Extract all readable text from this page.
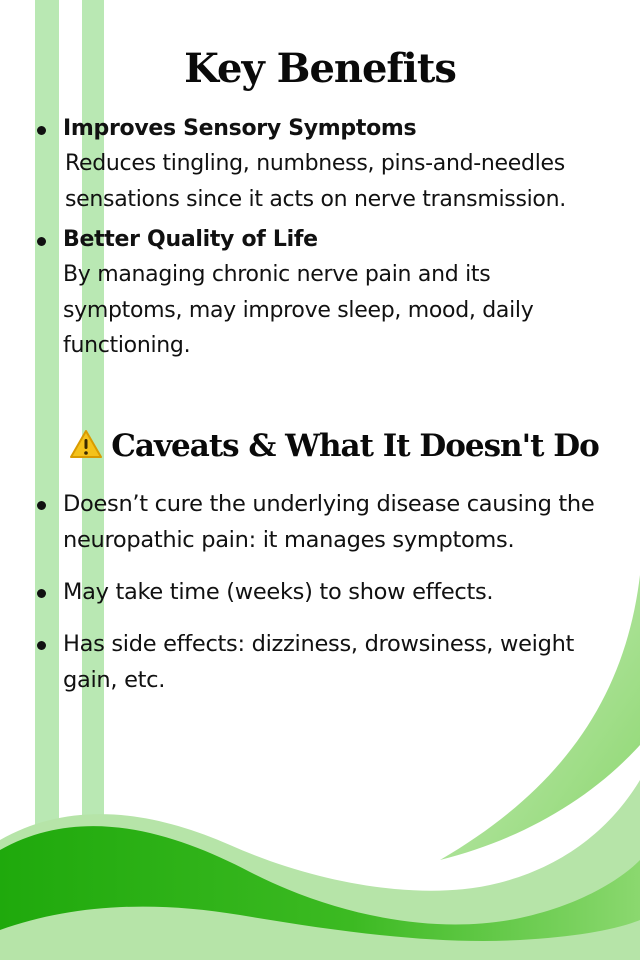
Key Benefits
Improves Sensory Symptoms
Reduces tingling, numbness, pins-and-needles sensations since it acts on nerve transmission.
Better Quality of Life
By managing chronic nerve pain and its symptoms, may improve sleep, mood, daily functioning.
Caveats & What It Doesn't Do
Doesn’t cure the underlying disease causing the neuropathic pain: it manages symptoms.
May take time (weeks) to show effects.
Has side effects: dizziness, drowsiness, weight gain, etc.
